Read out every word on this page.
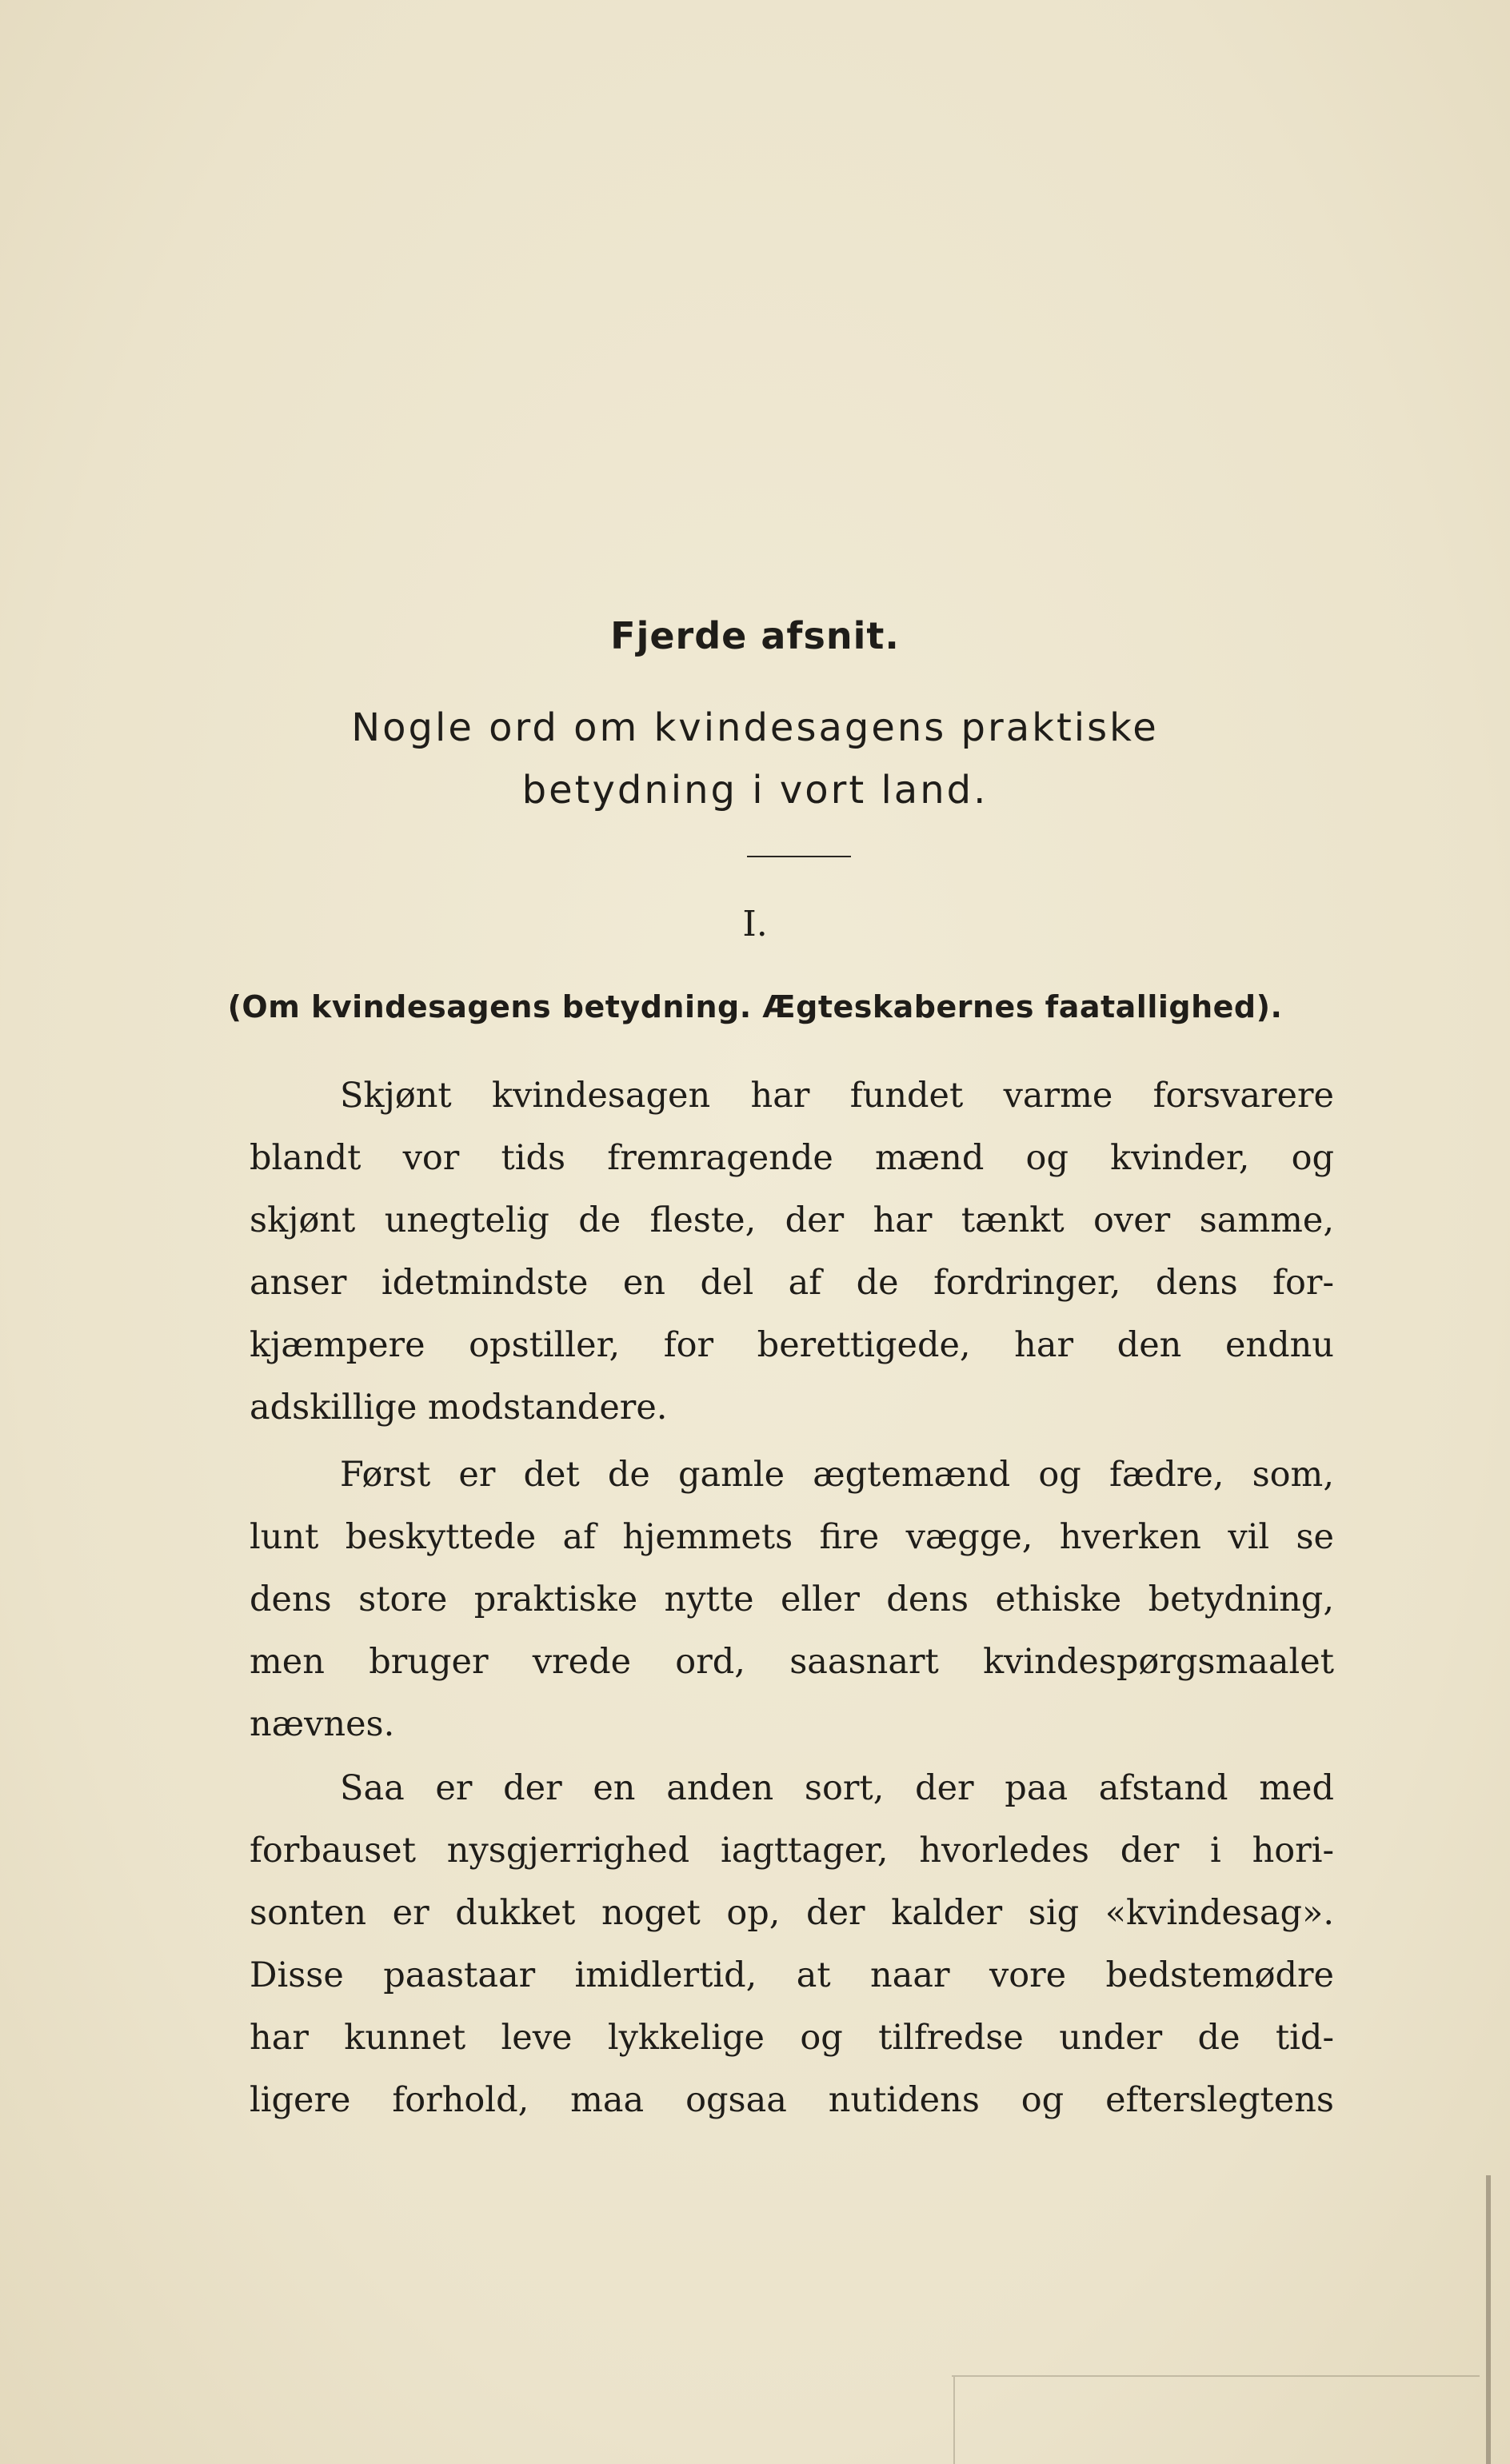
Fjerde afsnit.
Nogle ord om kvindesagens praktiske
betydning i vort land.
I.
(Om kvindesagens betydning. Ægteskabernes faatallighed).
Skjønt kvindesagen har fundet varme forsvarere
blandt vor tids fremragende mænd og kvinder, og
skjønt unegtelig de fleste, der har tænkt over samme,
anser idetmindste en del af de fordringer, dens for-
kjæmpere opstiller, for berettigede, har den endnu
adskillige modstandere.
Først er det de gamle ægtemænd og fædre, som,
lunt beskyttede af hjemmets fire vægge, hverken vil se
dens store praktiske nytte eller dens ethiske betydning,
men bruger vrede ord, saasnart kvindespørgsmaalet
nævnes.
Saa er der en anden sort, der paa afstand med
forbauset nysgjerrighed iagttager, hvorledes der i hori-
sonten er dukket noget op, der kalder sig «kvindesag».
Disse paastaar imidlertid, at naar vore bedstemødre
har kunnet leve lykkelige og tilfredse under de tid-
ligere forhold, maa ogsaa nutidens og efterslegtens
